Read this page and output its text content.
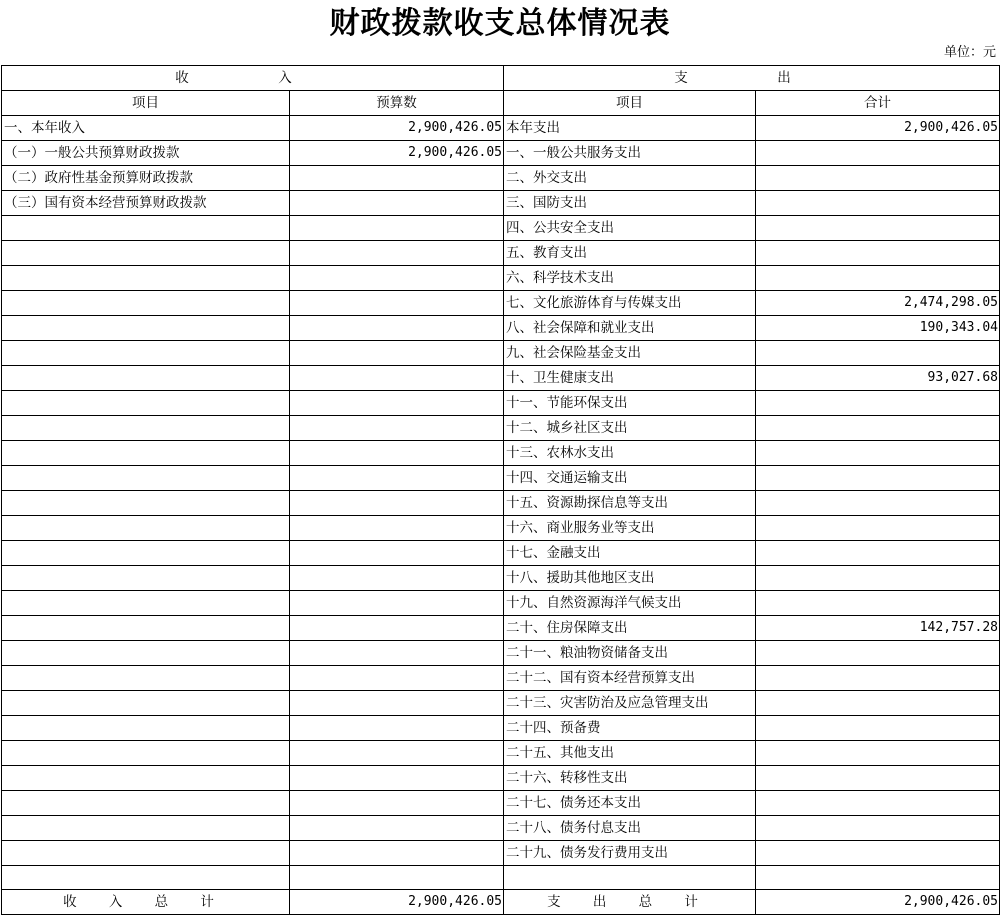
财政拨款收支总体情况表
单位：元
收　入		支　出	
项目	预算数	项目	合计
一、本年收入	2,900,426.05	本年支出	2,900,426.05
（一）一般公共预算财政拨款	2,900,426.05	一、一般公共服务支出	
（二）政府性基金预算财政拨款		二、外交支出	
（三）国有资本经营预算财政拨款		三、国防支出	
		四、公共安全支出	
		五、教育支出	
		六、科学技术支出	
		七、文化旅游体育与传媒支出	2,474,298.05
		八、社会保障和就业支出	190,343.04
		九、社会保险基金支出	
		十、卫生健康支出	93,027.68
		十一、节能环保支出	
		十二、城乡社区支出	
		十三、农林水支出	
		十四、交通运输支出	
		十五、资源勘探信息等支出	
		十六、商业服务业等支出	
		十七、金融支出	
		十八、援助其他地区支出	
		十九、自然资源海洋气候支出	
		二十、住房保障支出	142,757.28
		二十一、粮油物资储备支出	
		二十二、国有资本经营预算支出	
		二十三、灾害防治及应急管理支出	
		二十四、预备费	
		二十五、其他支出	
		二十六、转移性支出	
		二十七、债务还本支出	
		二十八、债务付息支出	
		二十九、债务发行费用支出	

收 入 总 计	2,900,426.05	支 出 总 计	2,900,426.05
